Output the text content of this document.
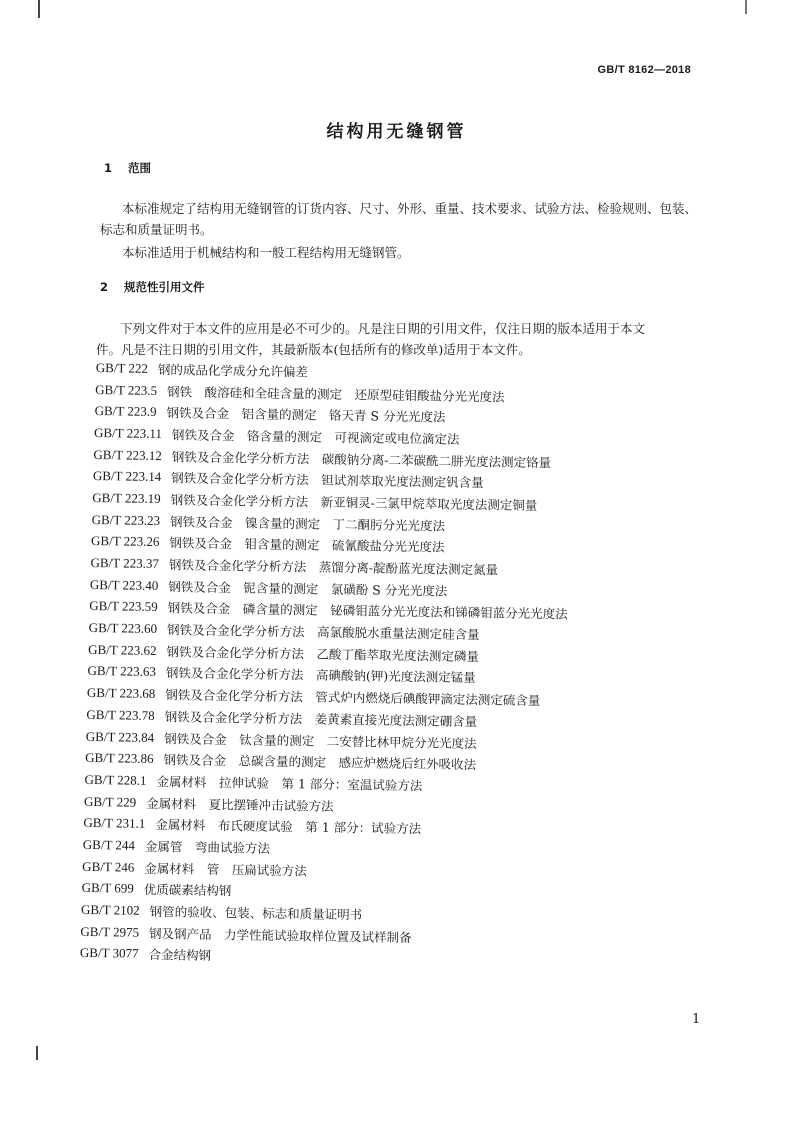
GB/T 8162—2018
结构用无缝钢管
1 范围
本标准规定了结构用无缝钢管的订货内容、尺寸、外形、重量、技术要求、试验方法、检验规则、包装、
标志和质量证明书。
本标准适用于机械结构和一般工程结构用无缝钢管。
2 规范性引用文件
下列文件对于本文件的应用是必不可少的。凡是注日期的引用文件，仅注日期的版本适用于本文
件。凡是不注日期的引用文件，其最新版本(包括所有的修改单)适用于本文件。
GB/T 222 钢的成品化学成分允许偏差
GB/T 223.5 钢铁　酸溶硅和全硅含量的测定　还原型硅钼酸盐分光光度法
GB/T 223.9 钢铁及合金　铝含量的测定　铬天青 S 分光光度法
GB/T 223.11 钢铁及合金　铬含量的测定　可视滴定或电位滴定法
GB/T 223.12 钢铁及合金化学分析方法　碳酸钠分离-二苯碳酰二肼光度法测定铬量
GB/T 223.14 钢铁及合金化学分析方法　钽试剂萃取光度法测定钒含量
GB/T 223.19 钢铁及合金化学分析方法　新亚铜灵-三氯甲烷萃取光度法测定铜量
GB/T 223.23 钢铁及合金　镍含量的测定　丁二酮肟分光光度法
GB/T 223.26 钢铁及合金　钼含量的测定　硫氰酸盐分光光度法
GB/T 223.37 钢铁及合金化学分析方法　蒸馏分离-靛酚蓝光度法测定氮量
GB/T 223.40 钢铁及合金　铌含量的测定　氯磺酚 S 分光光度法
GB/T 223.59 钢铁及合金　磷含量的测定　铋磷钼蓝分光光度法和锑磷钼蓝分光光度法
GB/T 223.60 钢铁及合金化学分析方法　高氯酸脱水重量法测定硅含量
GB/T 223.62 钢铁及合金化学分析方法　乙酸丁酯萃取光度法测定磷量
GB/T 223.63 钢铁及合金化学分析方法　高碘酸钠(钾)光度法测定锰量
GB/T 223.68 钢铁及合金化学分析方法　管式炉内燃烧后碘酸钾滴定法测定硫含量
GB/T 223.78 钢铁及合金化学分析方法　姜黄素直接光度法测定硼含量
GB/T 223.84 钢铁及合金　钛含量的测定　二安替比林甲烷分光光度法
GB/T 223.86 钢铁及合金　总碳含量的测定　感应炉燃烧后红外吸收法
GB/T 228.1 金属材料　拉伸试验　第 1 部分：室温试验方法
GB/T 229 金属材料　夏比摆锤冲击试验方法
GB/T 231.1 金属材料　布氏硬度试验　第 1 部分：试验方法
GB/T 244 金属管　弯曲试验方法
GB/T 246 金属材料　管　压扁试验方法
GB/T 699 优质碳素结构钢
GB/T 2102 钢管的验收、包装、标志和质量证明书
GB/T 2975 钢及钢产品　力学性能试验取样位置及试样制备
GB/T 3077 合金结构钢
1
